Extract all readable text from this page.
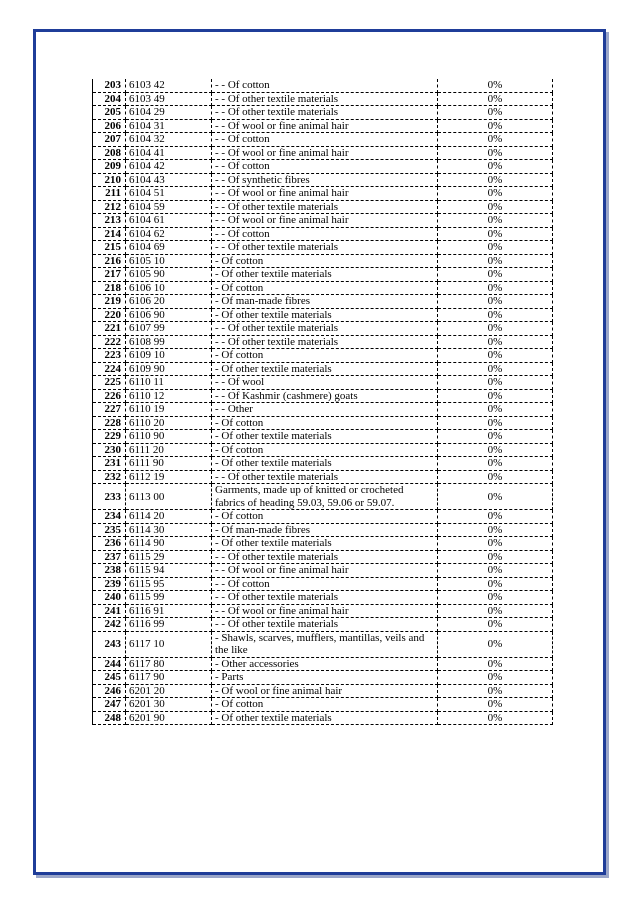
203	6103 42	- - Of cotton	0%
204	6103 49	- - Of other textile materials	0%
205	6104 29	- - Of other textile materials	0%
206	6104 31	- - Of wool or fine animal hair	0%
207	6104 32	- - Of cotton	0%
208	6104 41	- - Of wool or fine animal hair	0%
209	6104 42	- - Of cotton	0%
210	6104 43	- - Of synthetic fibres	0%
211	6104 51	- - Of wool or fine animal hair	0%
212	6104 59	- - Of other textile materials	0%
213	6104 61	- - Of wool or fine animal hair	0%
214	6104 62	- - Of cotton	0%
215	6104 69	- - Of other textile materials	0%
216	6105 10	- Of cotton	0%
217	6105 90	- Of other textile materials	0%
218	6106 10	- Of cotton	0%
219	6106 20	- Of man-made fibres	0%
220	6106 90	- Of other textile materials	0%
221	6107 99	- - Of other textile materials	0%
222	6108 99	- - Of other textile materials	0%
223	6109 10	- Of cotton	0%
224	6109 90	- Of other textile materials	0%
225	6110 11	- - Of wool	0%
226	6110 12	- - Of Kashmir (cashmere) goats	0%
227	6110 19	- - Other	0%
228	6110 20	- Of cotton	0%
229	6110 90	- Of other textile materials	0%
230	6111 20	- Of cotton	0%
231	6111 90	- Of other textile materials	0%
232	6112 19	- - Of other textile materials	0%
233	6113 00	Garments, made up of knitted or crocheted fabrics of heading 59.03, 59.06 or 59.07.	0%
234	6114 20	- Of cotton	0%
235	6114 30	- Of man-made fibres	0%
236	6114 90	- Of other textile materials	0%
237	6115 29	- - Of other textile materials	0%
238	6115 94	- - Of wool or fine animal hair	0%
239	6115 95	- - Of cotton	0%
240	6115 99	- - Of other textile materials	0%
241	6116 91	- - Of wool or fine animal hair	0%
242	6116 99	- - Of other textile materials	0%
243	6117 10	- Shawls, scarves, mufflers, mantillas, veils and the like	0%
244	6117 80	- Other accessories	0%
245	6117 90	- Parts	0%
246	6201 20	- Of wool or fine animal hair	0%
247	6201 30	- Of cotton	0%
248	6201 90	- Of other textile materials	0%
